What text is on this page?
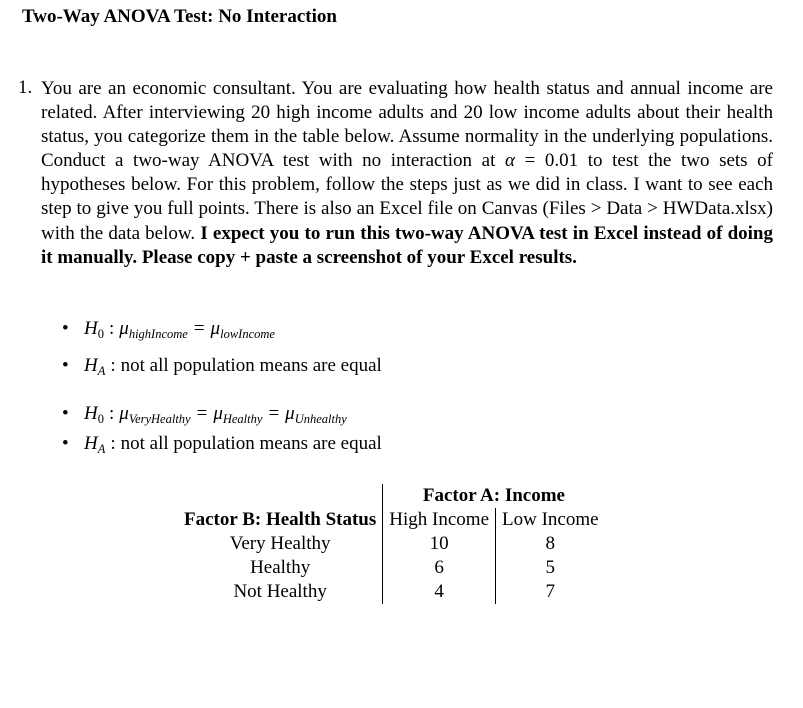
Two-Way ANOVA Test: No Interaction
1. You are an economic consultant. You are evaluating how health status and annual income are related. After interviewing 20 high income adults and 20 low income adults about their health status, you categorize them in the table below. Assume normality in the underlying populations. Conduct a two-way ANOVA test with no interaction at α = 0.01 to test the two sets of hypotheses below. For this problem, follow the steps just as we did in class. I want to see each step to give you full points. There is also an Excel file on Canvas (Files > Data > HWData.xlsx) with the data below. I expect you to run this two-way ANOVA test in Excel instead of doing it manually. Please copy + paste a screenshot of your Excel results.

• $H_0$ : $\mu_{highIncome} = \mu_{lowIncome}$
• $H_A$ : not all population means are equal
• $H_0$ : $\mu_{VeryHealthy} = \mu_{Healthy} = \mu_{Unhealthy}$
• $H_A$ : not all population means are equal
	Factor A: Income	
Factor B: Health Status	High Income	Low Income
Very Healthy	10	8
Healthy	6	5
Not Healthy	4	7
